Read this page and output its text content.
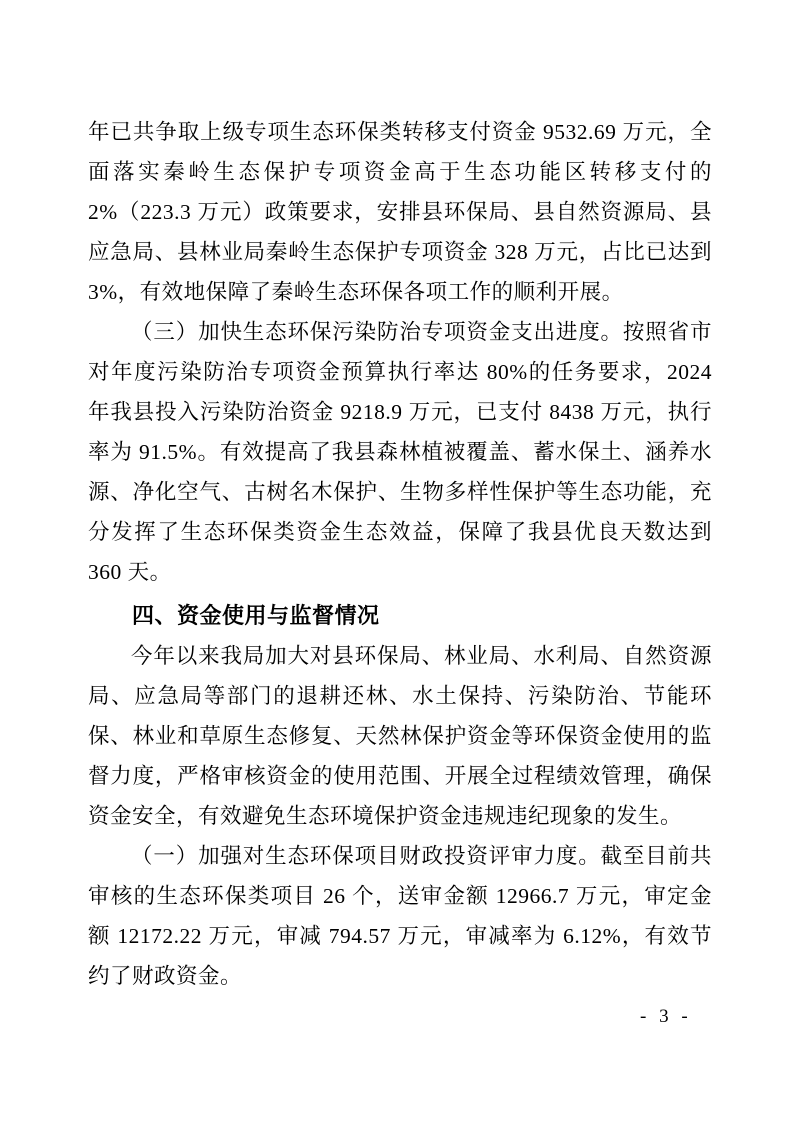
年已共争取上级专项生态环保类转移支付资金 9532.69 万元，全面落实秦岭生态保护专项资金高于生态功能区转移支付的 2%（223.3 万元）政策要求，安排县环保局、县自然资源局、县应急局、县林业局秦岭生态保护专项资金 328 万元，占比已达到 3%，有效地保障了秦岭生态环保各项工作的顺利开展。

（三）加快生态环保污染防治专项资金支出进度。按照省市对年度污染防治专项资金预算执行率达 80%的任务要求，2024 年我县投入污染防治资金 9218.9 万元，已支付 8438 万元，执行率为 91.5%。有效提高了我县森林植被覆盖、蓄水保土、涵养水源、净化空气、古树名木保护、生物多样性保护等生态功能，充分发挥了生态环保类资金生态效益，保障了我县优良天数达到 360 天。

四、资金使用与监督情况

今年以来我局加大对县环保局、林业局、水利局、自然资源局、应急局等部门的退耕还林、水土保持、污染防治、节能环保、林业和草原生态修复、天然林保护资金等环保资金使用的监督力度，严格审核资金的使用范围、开展全过程绩效管理，确保资金安全，有效避免生态环境保护资金违规违纪现象的发生。

（一）加强对生态环保项目财政投资评审力度。截至目前共审核的生态环保类项目 26 个，送审金额 12966.7 万元，审定金额 12172.22 万元，审减 794.57 万元，审减率为 6.12%，有效节约了财政资金。

- 3 -
